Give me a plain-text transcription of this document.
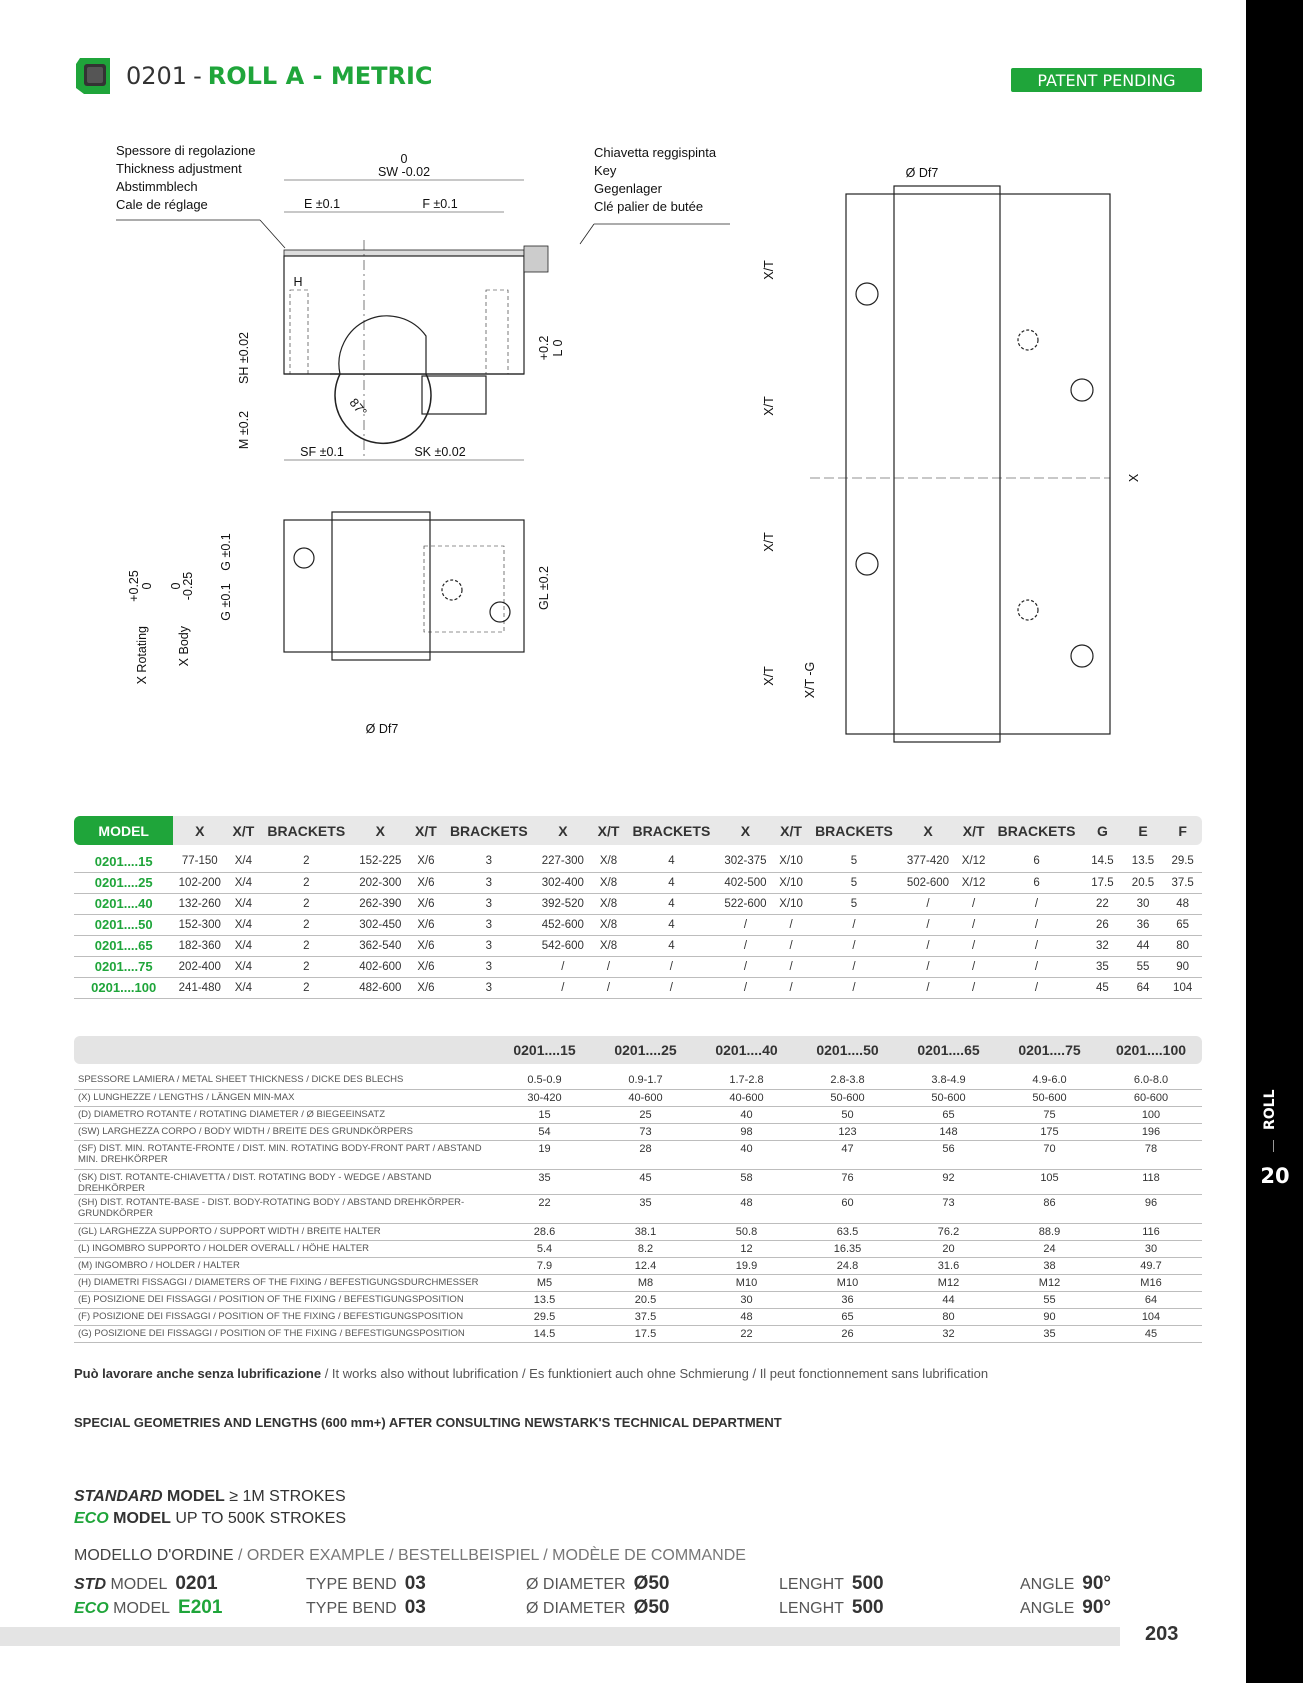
ROLL
20
0201 - ROLL A - METRIC	PATENT PENDING
Spessore di regolazione
Thickness adjustment
Abstimmblech
Cale de réglage
Chiavetta reggispinta
Key
Gegenlager
Clé palier de butée
0
SW -0.02
E ±0.1	F ±0.1
H
SH ±0.02
M ±0.2
+0.2 L 0
87°
SF ±0.1	SK ±0.02
+0.25 0
X Rotating
0
-0.25
X Body
G ±0.1
G ±0.1	GL ±0.2
Ø Df7
Ø Df7
X/T
X/T
X/T
X/T X/T -G
X
MODEL	X	X/T	BRACKETS	X	X/T	BRACKETS	X	X/T	BRACKETS	X	X/T	BRACKETS	X	X/T	BRACKETS	G	E	F

0201....15	77-150	X/4	2	152-225	X/6	3	227-300	X/8	4	302-375	X/10	5	377-420	X/12	6	14.5	13.5	29.5
0201....25	102-200	X/4	2	202-300	X/6	3	302-400	X/8	4	402-500	X/10	5	502-600	X/12	6	17.5	20.5	37.5
0201....40	132-260	X/4	2	262-390	X/6	3	392-520	X/8	4	522-600	X/10	5	/	/	/	22	30	48
0201....50	152-300	X/4	2	302-450	X/6	3	452-600	X/8	4	/	/	/	/	/	/	26	36	65
0201....65	182-360	X/4	2	362-540	X/6	3	542-600	X/8	4	/	/	/	/	/	/	32	44	80
0201....75	202-400	X/4	2	402-600	X/6	3	/	/	/	/	/	/	/	/	/	35	55	90
0201....100	241-480	X/4	2	482-600	X/6	3	/	/	/	/	/	/	/	/	/	45	64	104
	0201....15	0201....25	0201....40	0201....50	0201....65	0201....75	0201....100

SPESSORE LAMIERA / METAL SHEET THICKNESS / DICKE DES BLECHS	0.5-0.9	0.9-1.7	1.7-2.8	2.8-3.8	3.8-4.9	4.9-6.0	6.0-8.0
(X) LUNGHEZZE / LENGTHS / LÄNGEN MIN-MAX	30-420	40-600	40-600	50-600	50-600	50-600	60-600
(D) DIAMETRO ROTANTE / ROTATING DIAMETER / Ø BIEGEEINSATZ	15	25	40	50	65	75	100
(SW) LARGHEZZA CORPO / BODY WIDTH / BREITE DES GRUNDKÖRPERS	54	73	98	123	148	175	196
(SF) DIST. MIN. ROTANTE-FRONTE / DIST. MIN. ROTATING BODY-FRONT PART / ABSTAND MIN. DREHKÖRPER	19	28	40	47	56	70	78
(SK) DIST. ROTANTE-CHIAVETTA / DIST. ROTATING BODY - WEDGE / ABSTAND DREHKÖRPER	35	45	58	76	92	105	118
(SH) DIST. ROTANTE-BASE - DIST. BODY-ROTATING BODY / ABSTAND DREHKÖRPER-GRUNDKÖRPER	22	35	48	60	73	86	96
(GL) LARGHEZZA SUPPORTO / SUPPORT WIDTH / BREITE HALTER	28.6	38.1	50.8	63.5	76.2	88.9	116
(L) INGOMBRO SUPPORTO / HOLDER OVERALL / HÖHE HALTER	5.4	8.2	12	16.35	20	24	30
(M) INGOMBRO / HOLDER / HALTER	7.9	12.4	19.9	24.8	31.6	38	49.7
(H) DIAMETRI FISSAGGI / DIAMETERS OF THE FIXING / BEFESTIGUNGSDURCHMESSER	M5	M8	M10	M10	M12	M12	M16
(E) POSIZIONE DEI FISSAGGI / POSITION OF THE FIXING / BEFESTIGUNGSPOSITION	13.5	20.5	30	36	44	55	64
(F) POSIZIONE DEI FISSAGGI / POSITION OF THE FIXING / BEFESTIGUNGSPOSITION	29.5	37.5	48	65	80	90	104
(G) POSIZIONE DEI FISSAGGI / POSITION OF THE FIXING / BEFESTIGUNGSPOSITION	14.5	17.5	22	26	32	35	45
Può lavorare anche senza lubrificazione / It works also without lubrification / Es funktioniert auch ohne Schmierung / Il peut fonctionnement sans lubrification
SPECIAL GEOMETRIES AND LENGTHS (600 mm+) AFTER CONSULTING NEWSTARK'S TECHNICAL DEPARTMENT
STANDARD MODEL ≥ 1M STROKES
ECO MODEL UP TO 500K STROKES
MODELLO D'ORDINE / ORDER EXAMPLE / BESTELLBEISPIEL / MODÈLE DE COMMANDE
STD MODEL 0201	TYPE BEND 03	Ø DIAMETER Ø50	LENGHT 500	ANGLE 90°
ECO MODEL E201	TYPE BEND 03	Ø DIAMETER Ø50	LENGHT 500	ANGLE 90°
203
